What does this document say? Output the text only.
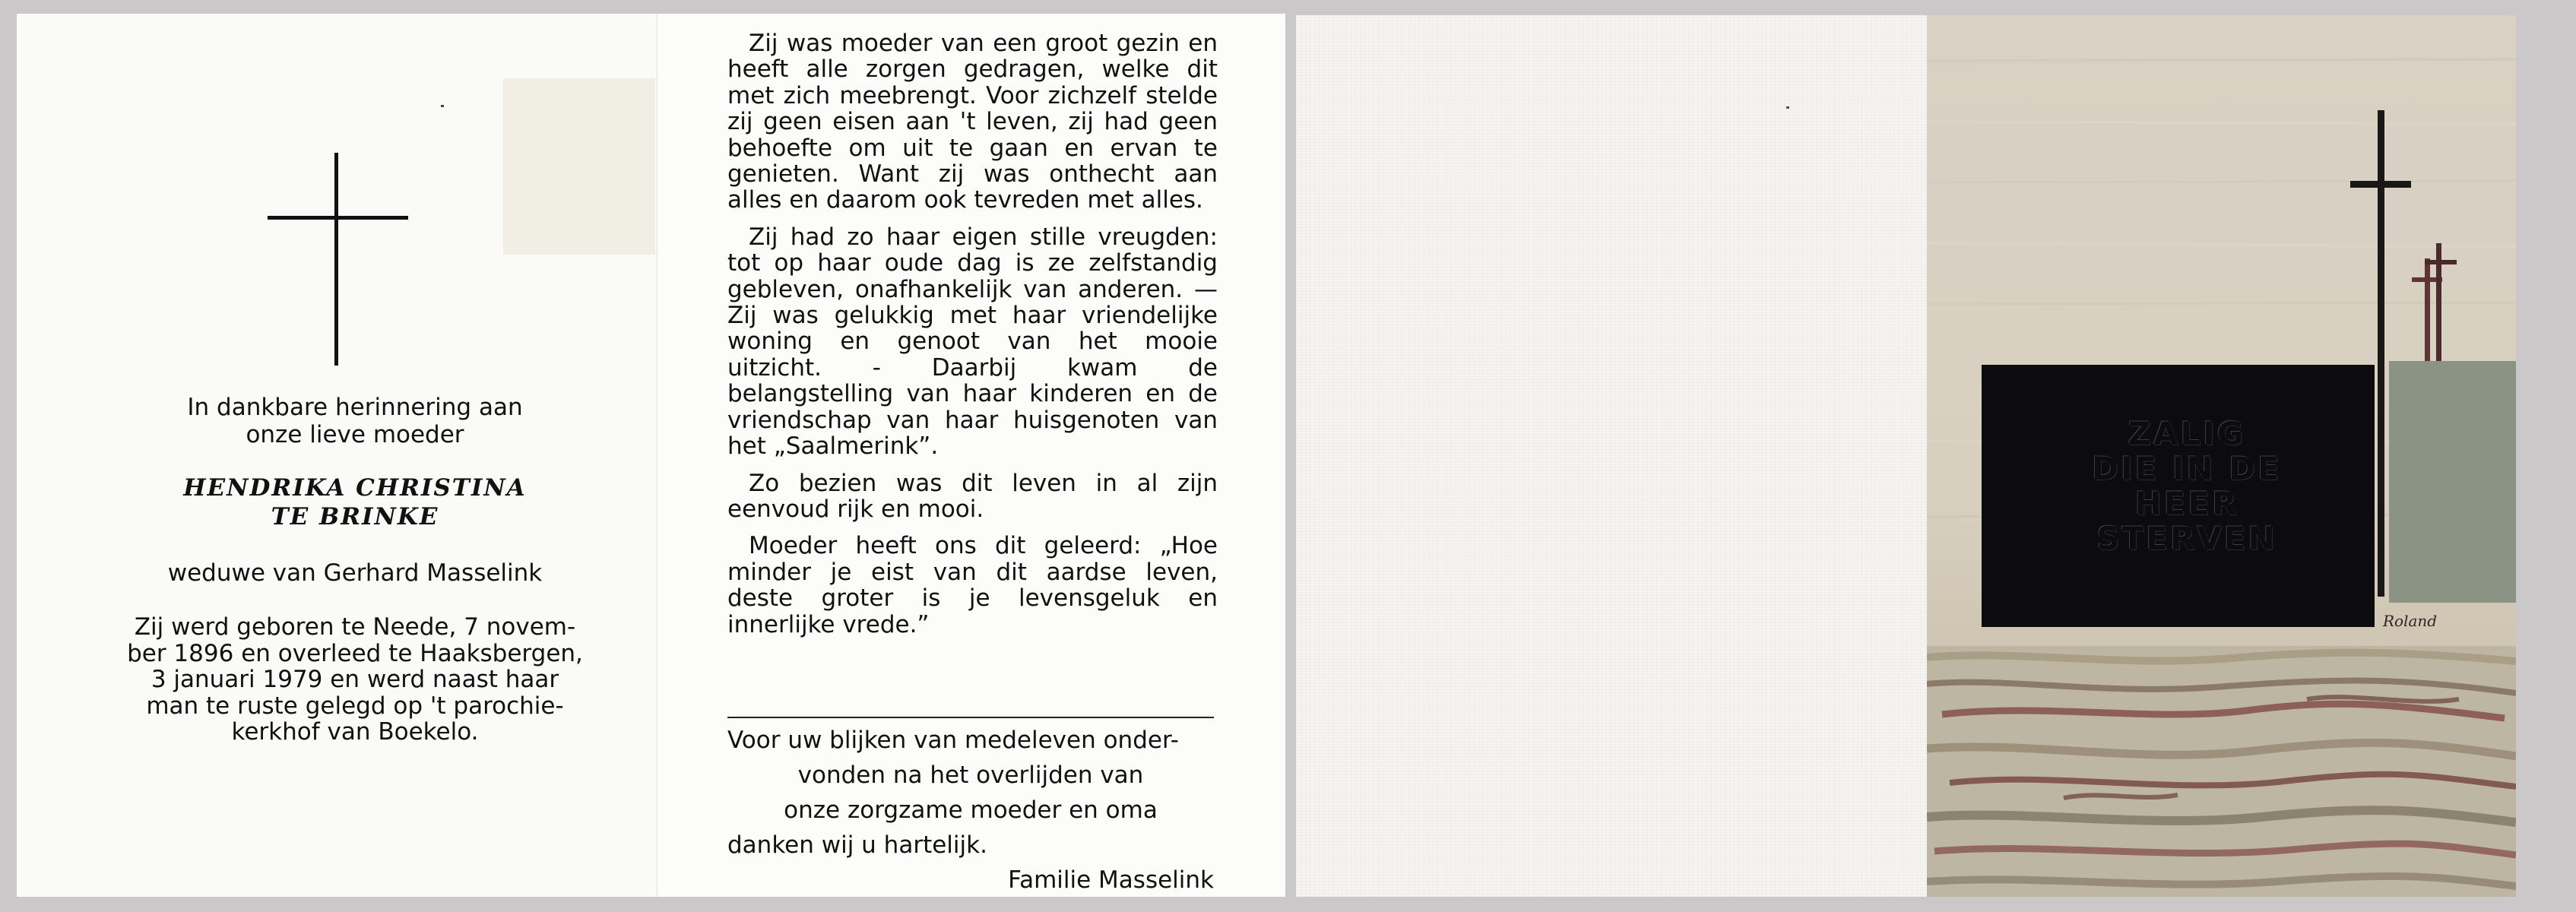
In dankbare herinnering aan
onze lieve moeder
HENDRIKA CHRISTINA
TE BRINKE
weduwe van Gerhard Masselink
Zij werd geboren te Neede, 7 novem-
ber 1896 en overleed te Haaksbergen,
3 januari 1979 en werd naast haar
man te ruste gelegd op 't parochie-
kerkhof van Boekelo.

Zij was moeder van een groot gezin en heeft alle zorgen gedragen, welke dit met zich meebrengt. Voor zichzelf stelde zij geen eisen aan 't leven, zij had geen behoefte om uit te gaan en ervan te genieten. Want zij was onthecht aan alles en daarom ook tevreden met alles.

Zij had zo haar eigen stille vreugden: tot op haar oude dag is ze zelfstandig gebleven, onafhankelijk van anderen. — Zij was gelukkig met haar vriendelijke woning en genoot van het mooie uitzicht. - Daarbij kwam de belangstelling van haar kinderen en de vriendschap van haar huisgenoten van het „Saalmerink”.

Zo bezien was dit leven in al zijn eenvoud rijk en mooi.

Moeder heeft ons dit geleerd: „Hoe minder je eist van dit aardse leven, deste groter is je levensgeluk en innerlijke vrede.”

Voor uw blijken van medeleven onder-
vonden na het overlijden van
onze zorgzame moeder en oma
danken wij u hartelijk.
Familie Masselink
ZALIG
DIE IN DE
HEER
STERVEN
Roland
